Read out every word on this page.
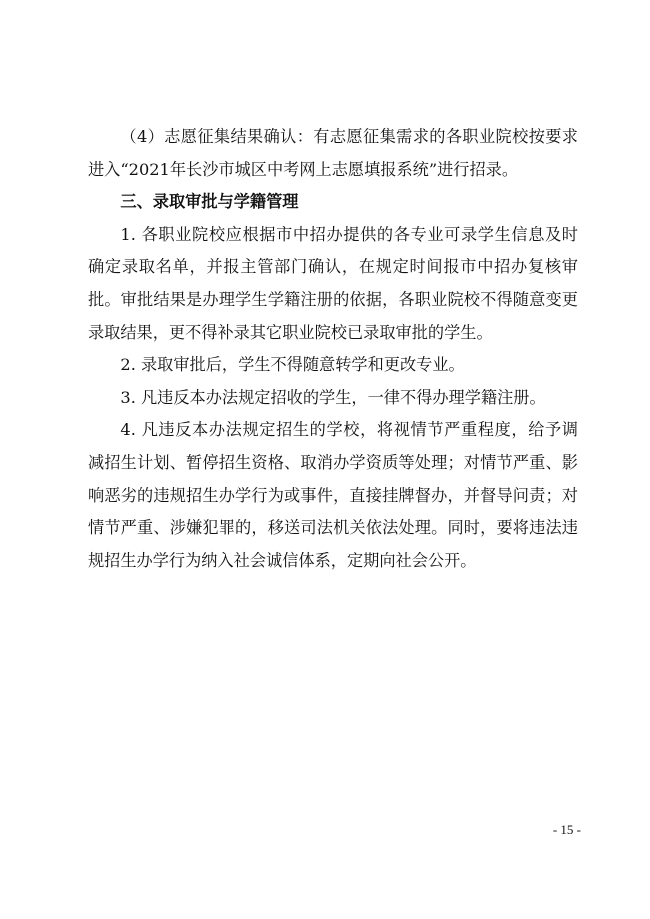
（4）志愿征集结果确认：有志愿征集需求的各职业院校按要求进入“2021年长沙市城区中考网上志愿填报系统”进行招录。

三、录取审批与学籍管理

1. 各职业院校应根据市中招办提供的各专业可录学生信息及时确定录取名单，并报主管部门确认，在规定时间报市中招办复核审批。审批结果是办理学生学籍注册的依据，各职业院校不得随意变更录取结果，更不得补录其它职业院校已录取审批的学生。

2. 录取审批后，学生不得随意转学和更改专业。

3. 凡违反本办法规定招收的学生，一律不得办理学籍注册。

4. 凡违反本办法规定招生的学校，将视情节严重程度，给予调减招生计划、暂停招生资格、取消办学资质等处理；对情节严重、影响恶劣的违规招生办学行为或事件，直接挂牌督办，并督导问责；对情节严重、涉嫌犯罪的，移送司法机关依法处理。同时，要将违法违规招生办学行为纳入社会诚信体系，定期向社会公开。

- 15 -
